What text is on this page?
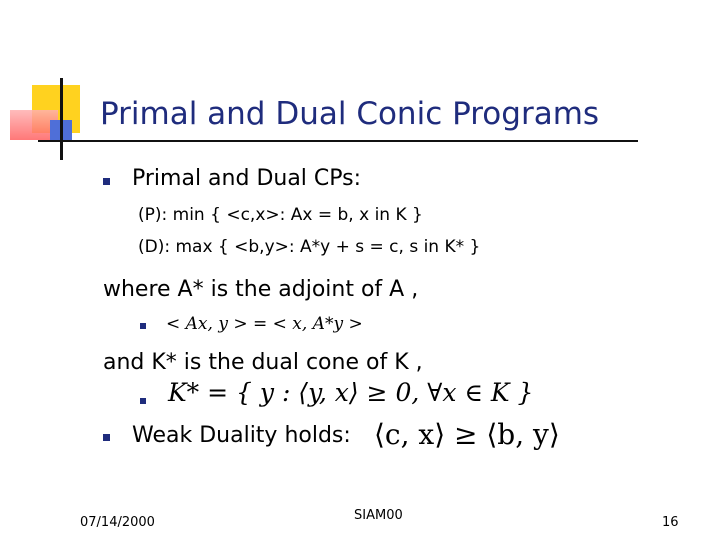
Primal and Dual Conic Programs
Primal and Dual CPs:
(P): min { <c,x>: Ax = b, x in K }
(D): max { <b,y>: A*y + s = c, s in K* }
where A* is the adjoint of A ,
< Ax, y > = < x, A*y >
and K* is the dual cone of K ,
K* = { y : ⟨y, x⟩ ≥ 0, ∀x ∈ K }
Weak Duality holds: ⟨c, x⟩ ≥ ⟨b, y⟩
07/14/2000	SIAM00	16
